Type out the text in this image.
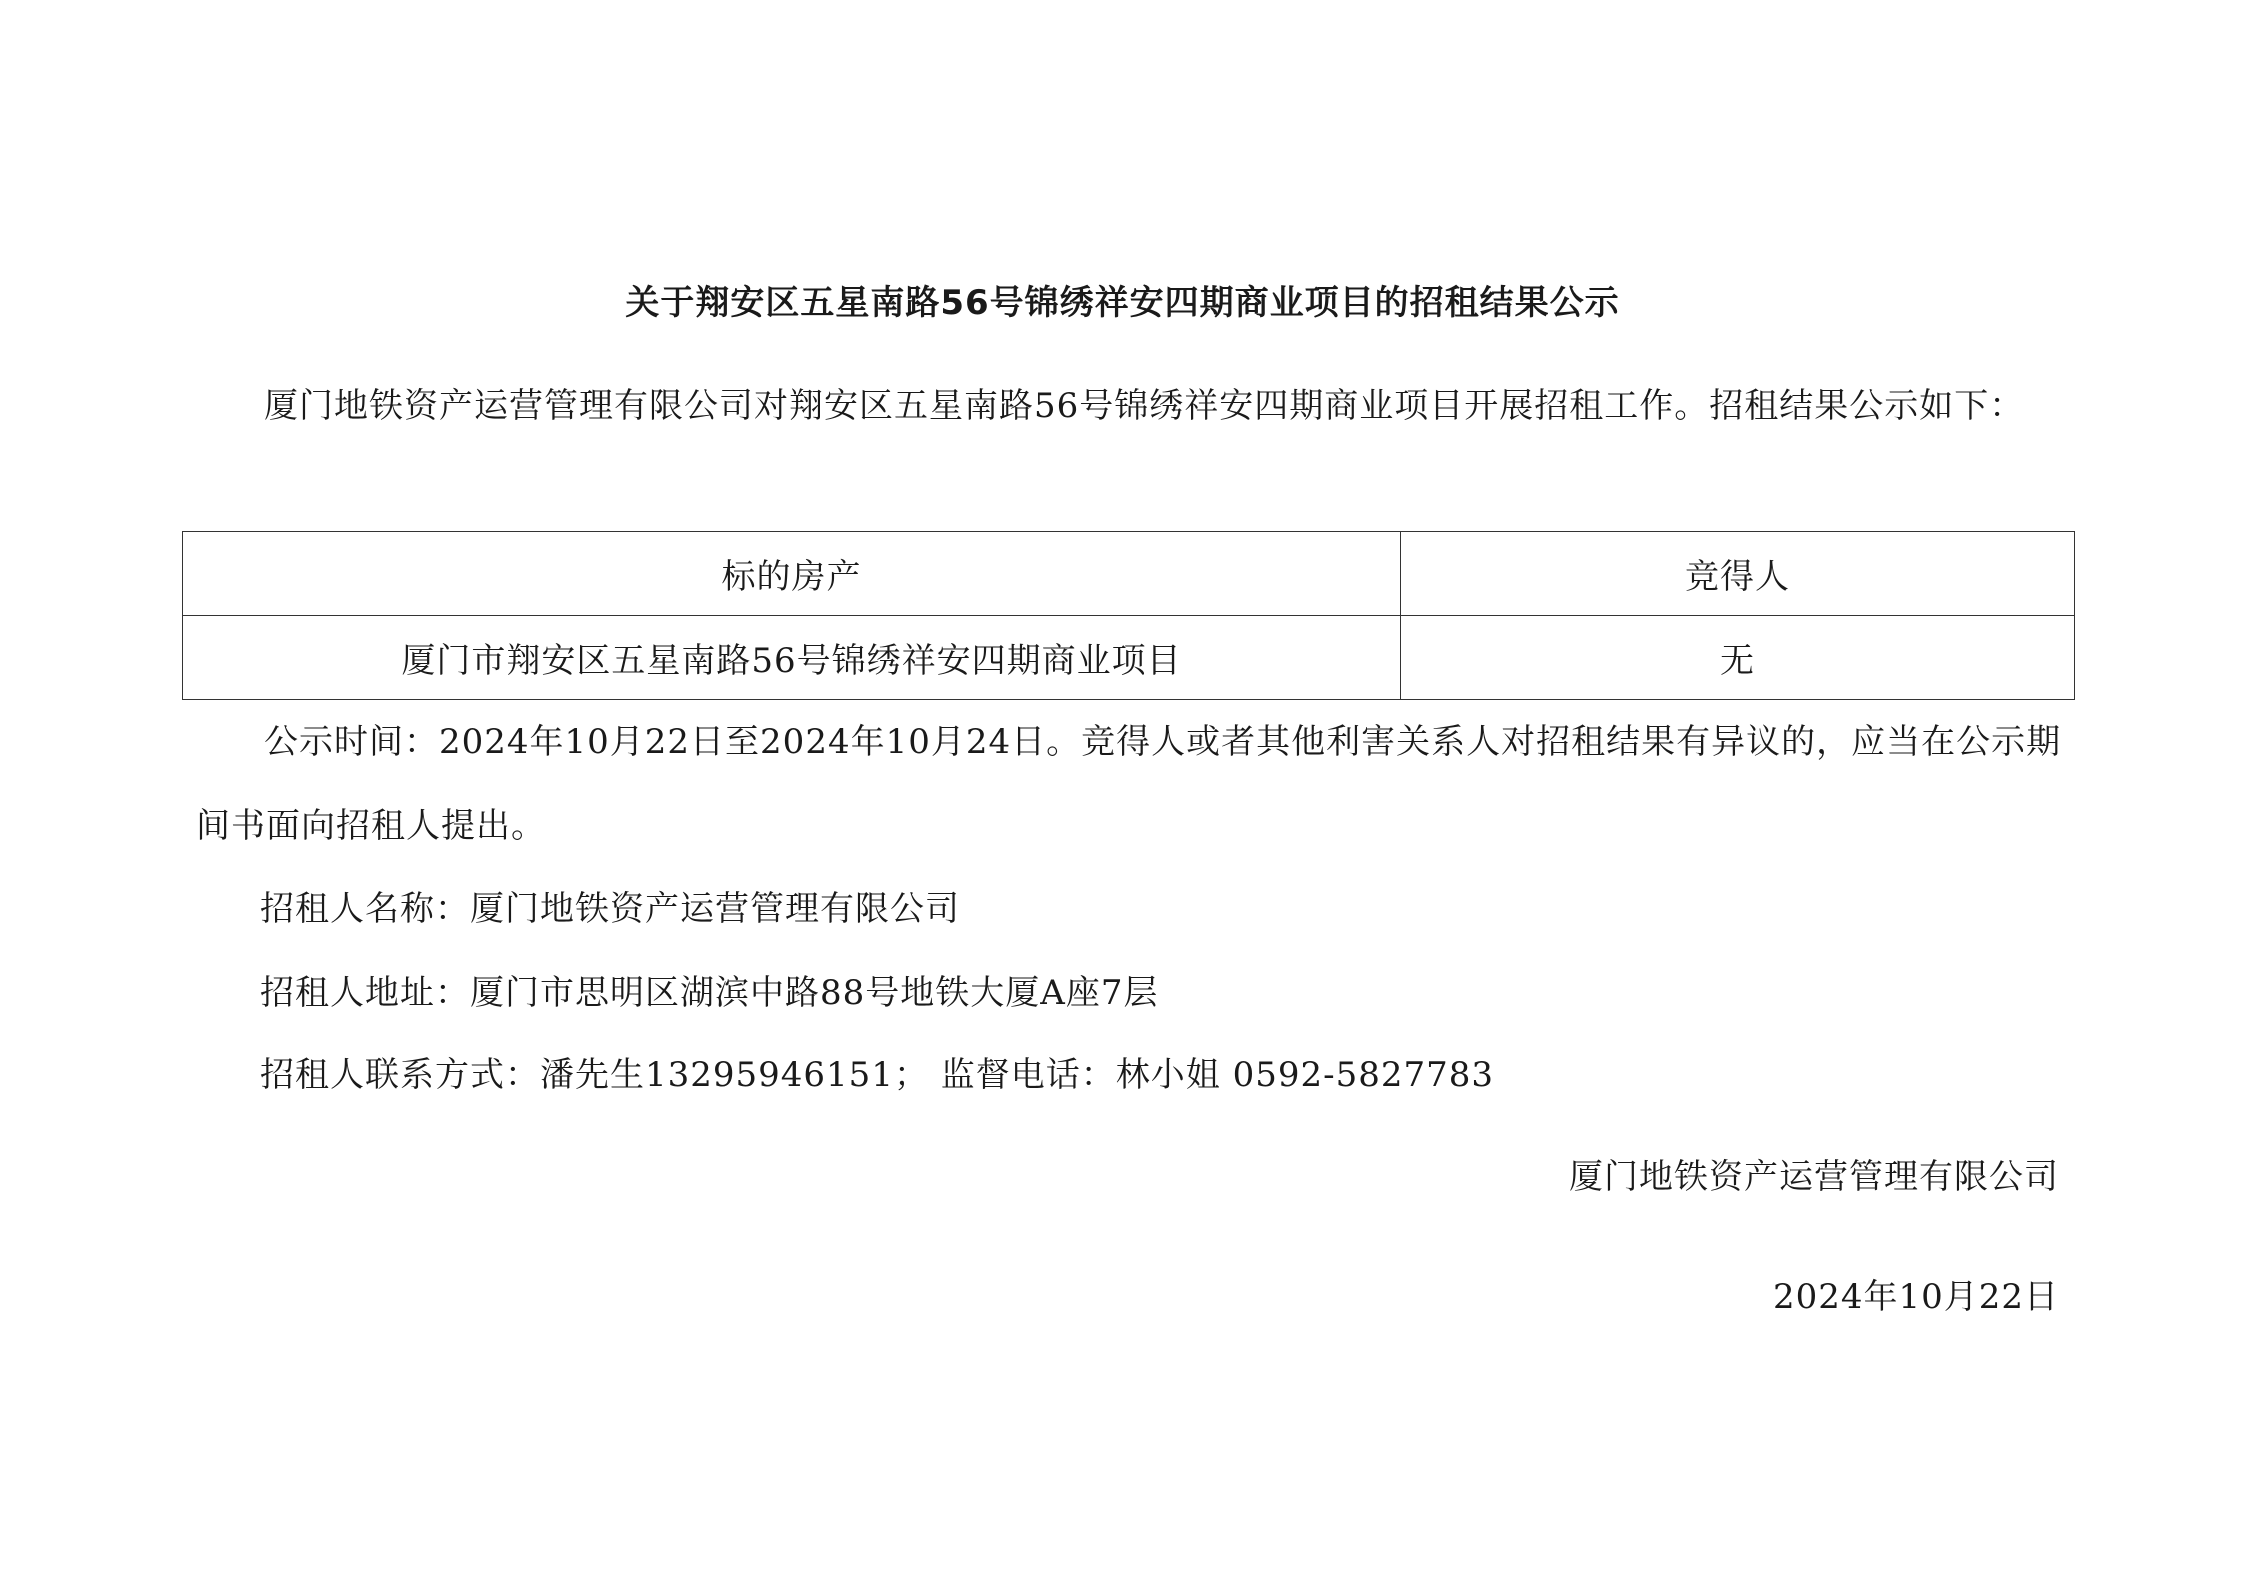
关于翔安区五星南路56号锦绣祥安四期商业项目的招租结果公示

厦门地铁资产运营管理有限公司对翔安区五星南路56号锦绣祥安四期商业项目开展招租工作。招租结果公示如下：

标的房产	竞得人
厦门市翔安区五星南路56号锦绣祥安四期商业项目	无

公示时间：2024年10月22日至2024年10月24日。竞得人或者其他利害关系人对招租结果有异议的，应当在公示期间书面向招租人提出。

招租人名称：厦门地铁资产运营管理有限公司

招租人地址：厦门市思明区湖滨中路88号地铁大厦A座7层

招租人联系方式：潘先生13295946151； 监督电话：林小姐 0592-5827783

厦门地铁资产运营管理有限公司

2024年10月22日
